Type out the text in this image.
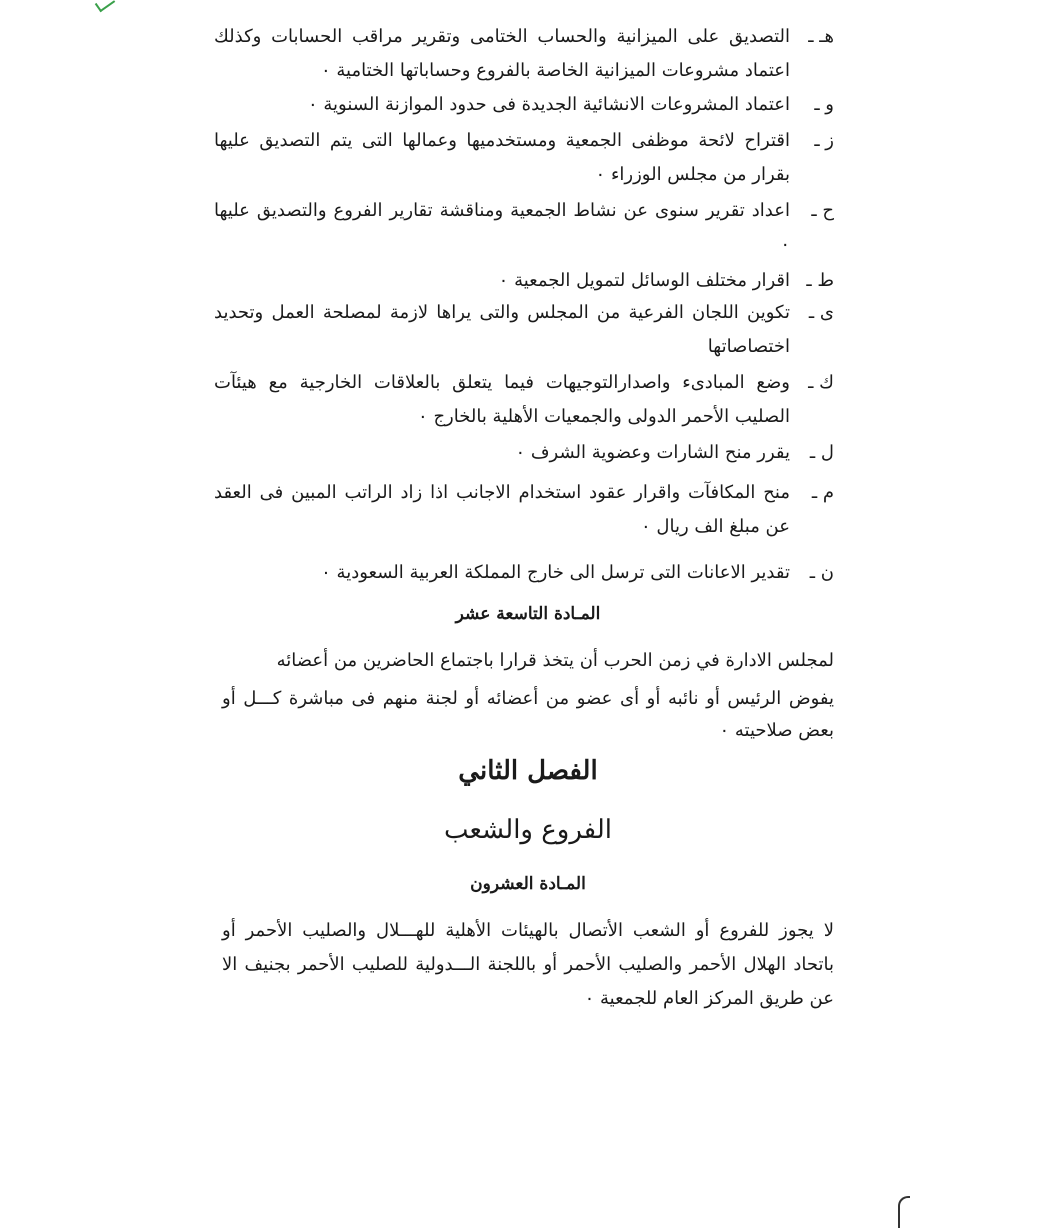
هـ ـ
التصديق على الميزانية والحساب الختامى وتقرير مراقب الحسابات وكذلك اعتماد مشروعات الميزانية الخاصة بالفروع وحساباتها الختامية ٠
و ـ
اعتماد المشروعات الانشائية الجديدة فى حدود الموازنة السنوية ٠
ز ـ
اقتراح لائحة موظفى الجمعية ومستخدميها وعمالها التى يتم التصديق عليها بقرار من مجلس الوزراء ٠
ح ـ
اعداد تقرير سنوى عن نشاط الجمعية ومناقشة تقارير الفروع والتصديق عليها ٠
ط ـ
اقرار مختلف الوسائل لتمويل الجمعية ٠
ى ـ
تكوين اللجان الفرعية من المجلس والتى يراها لازمة لمصلحة العمل وتحديد اختصاصاتها
ك ـ
وضع المبادىء واصدارالتوجيهات فيما يتعلق بالعلاقات الخارجية مع هيئآت الصليب الأحمر الدولى والجمعيات الأهلية بالخارج ٠
ل ـ
يقرر منح الشارات وعضوية الشرف ٠
م ـ
منح المكافآت واقرار عقود استخدام الاجانب اذا زاد الراتب المبين فى العقد عن مبلغ الف ريال ٠
ن ـ
تقدير الاعانات التى ترسل الى خارج المملكة العربية السعودية ٠
المـادة التاسعة عشر
لمجلس الادارة في زمن الحرب أن يتخذ قرارا باجتماع الحاضرين من أعضائه
يفوض الرئيس أو نائبه أو أى عضو من أعضائه أو لجنة منهم فى مباشرة كـــل أو بعض صلاحيته ٠
الفصل الثاني
الفروع والشعب
المـادة العشرون
لا يجوز للفروع أو الشعب الأتصال بالهيئات الأهلية للهـــلال والصليب الأحمر أو باتحاد الهلال الأحمر والصليب الأحمر أو باللجنة الـــدولية للصليب الأحمر بجنيف الا عن طريق المركز العام للجمعية ٠
